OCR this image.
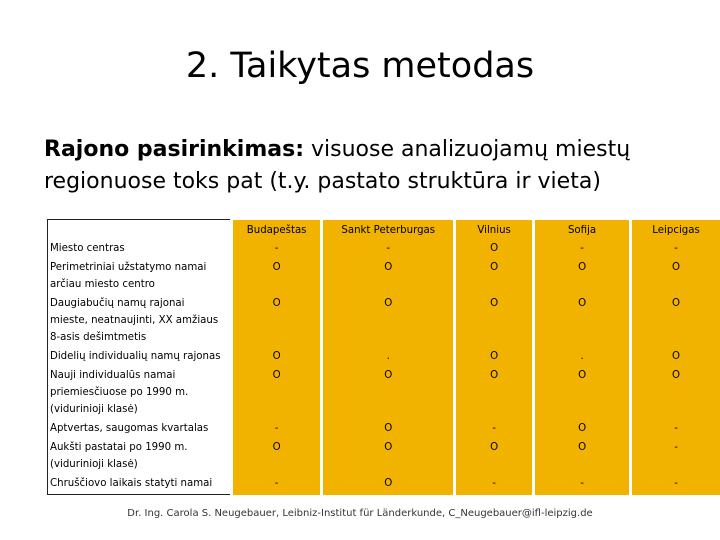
2. Taikytas metodas
Rajono pasirinkimas: visuose analizuojamų miestų regionuose toks pat (t.y. pastato struktūra ir vieta)
	Budapeštas	Sankt Peterburgas	Vilnius	Sofija	Leipcigas

Miesto centras	-	-	O	-	-

Perimetriniai užstatymo namai
arčiau miesto centro	O	O	O	O	O

Daugiabučių namų rajonai
mieste, neatnaujinti, XX amžiaus
8-asis dešimtmetis	O	O	O	O	O

Didelių individualių namų rajonas	O	.	O	.	O

Nauji individualūs namai
priemiesčiuose po 1990 m.
(vidurinioji klasė)	O	O	O	O	O

Aptvertas, saugomas kvartalas	-	O	-	O	-

Aukšti pastatai po 1990 m.
(vidurinioji klasė)	O	O	O	O	-

Chruščiovo laikais statyti namai	-	O	-	-	-
Dr. Ing. Carola S. Neugebauer, Leibniz-Institut für Länderkunde, C_Neugebauer@ifl-leipzig.de
